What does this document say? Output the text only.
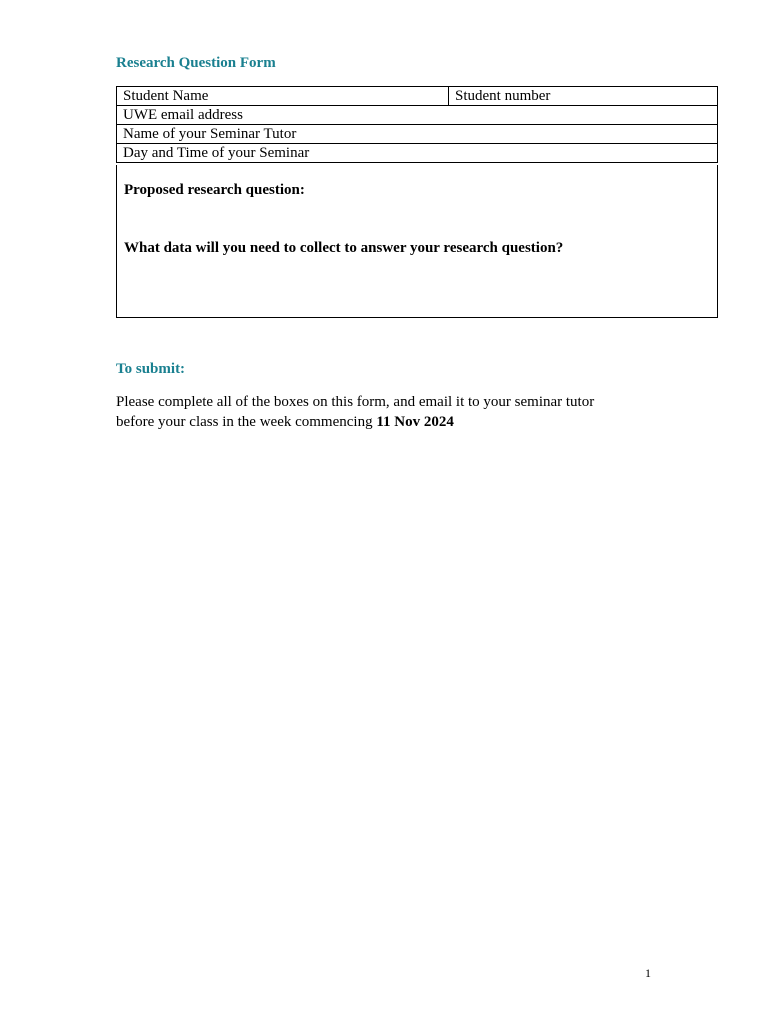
Research Question Form
Student Name	Student number
UWE email address
Name of your Seminar Tutor
Day and Time of your Seminar
Proposed research question:
What data will you need to collect to answer your research question?
To submit:
Please complete all of the boxes on this form, and email it to your seminar tutor
before your class in the week commencing 11 Nov 2024
1
